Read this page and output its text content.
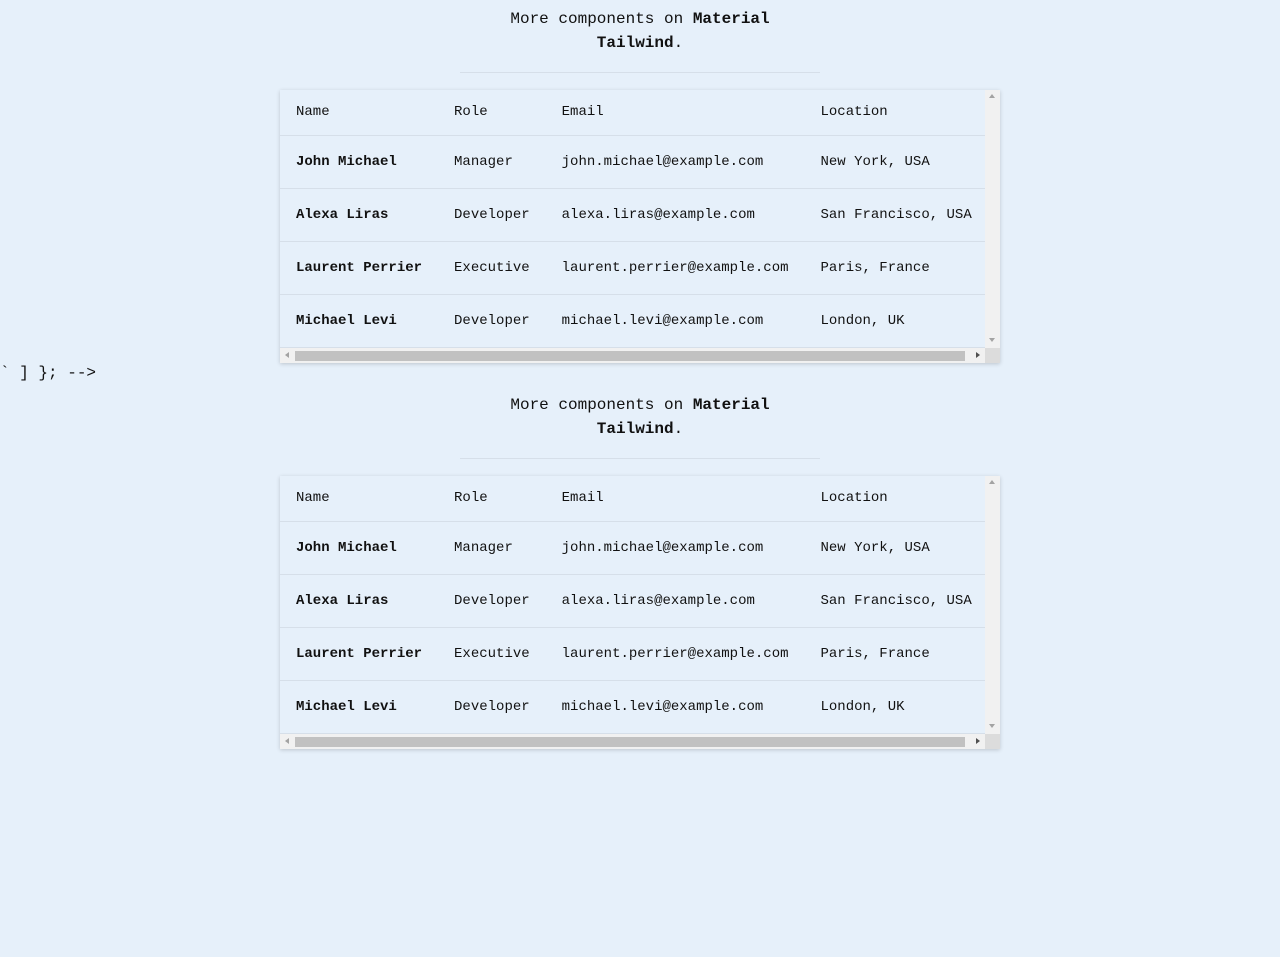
More components on Material Tailwind.
Name	Role	Email	Location
John Michael	Manager	john.michael@example.com	New York, USA
Alexa Liras	Developer	alexa.liras@example.com	San Francisco, USA
Laurent Perrier	Executive	laurent.perrier@example.com	Paris, France
Michael Levi	Developer	michael.levi@example.com	London, UK
` ] }; -->
More components on Material Tailwind.
Name	Role	Email	Location
John Michael	Manager	john.michael@example.com	New York, USA
Alexa Liras	Developer	alexa.liras@example.com	San Francisco, USA
Laurent Perrier	Executive	laurent.perrier@example.com	Paris, France
Michael Levi	Developer	michael.levi@example.com	London, UK
